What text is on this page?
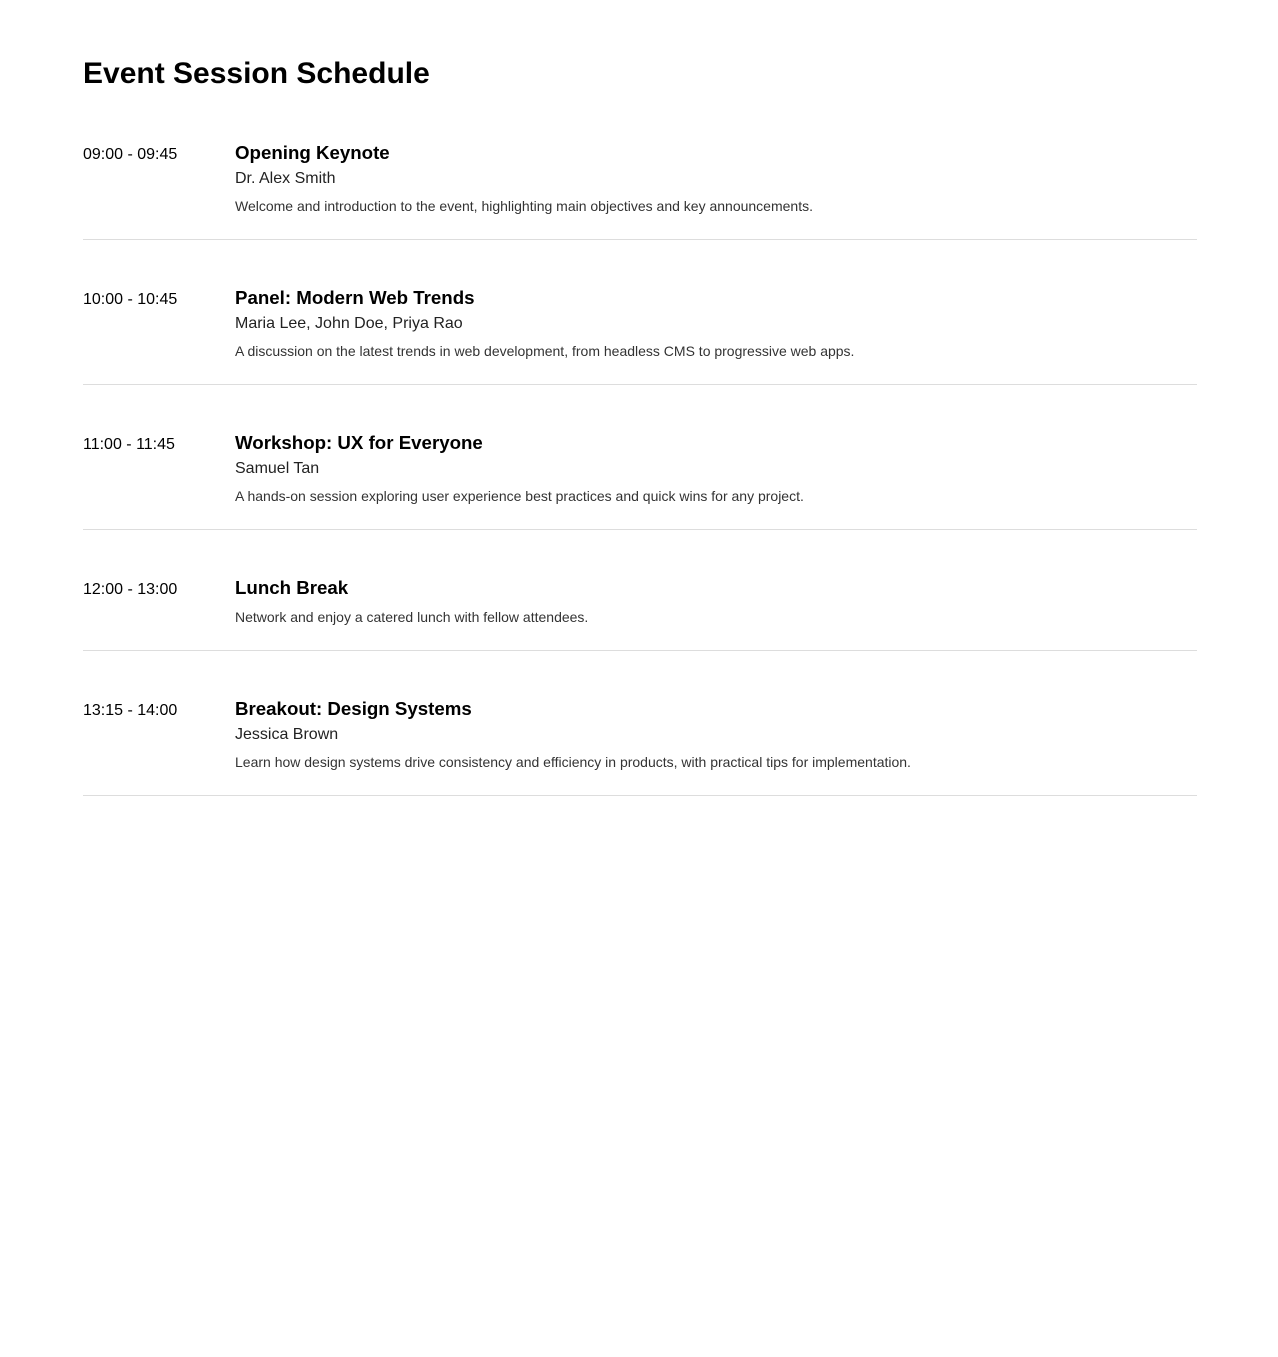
Event Session Schedule
09:00 - 09:45	Opening Keynote

Dr. Alex Smith

Welcome and introduction to the event, highlighting main objectives and key announcements.

10:00 - 10:45	Panel: Modern Web Trends

Maria Lee, John Doe, Priya Rao

A discussion on the latest trends in web development, from headless CMS to progressive web apps.

11:00 - 11:45	Workshop: UX for Everyone

Samuel Tan

A hands-on session exploring user experience best practices and quick wins for any project.

12:00 - 13:00	Lunch Break

Network and enjoy a catered lunch with fellow attendees.

13:15 - 14:00	Breakout: Design Systems

Jessica Brown

Learn how design systems drive consistency and efficiency in products, with practical tips for implementation.
